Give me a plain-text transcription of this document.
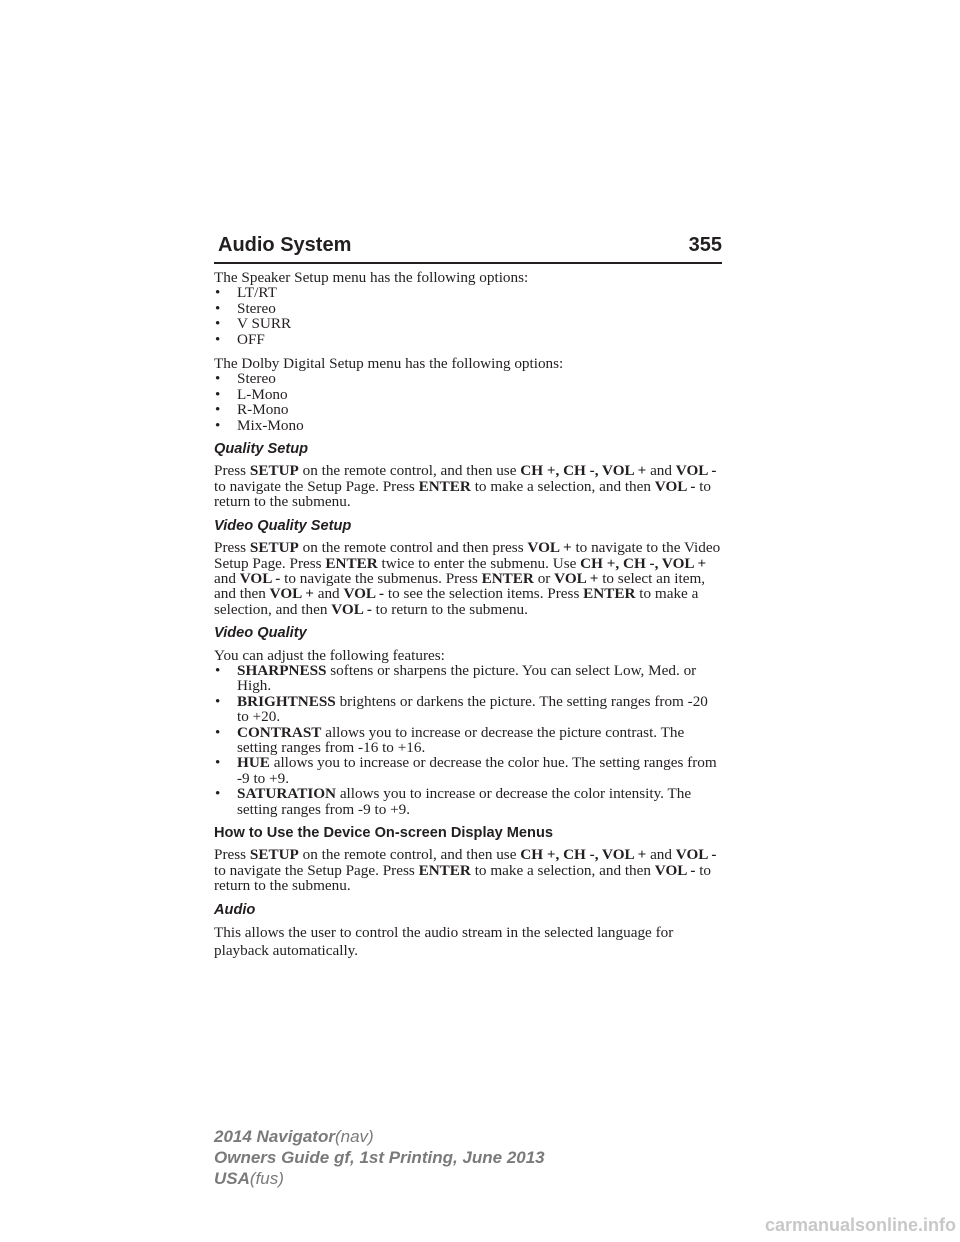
Audio System	355

The Speaker Setup menu has the following options:

• LT/RT
• Stereo
• V SURR
• OFF

The Dolby Digital Setup menu has the following options:

• Stereo
• L-Mono
• R-Mono
• Mix-Mono

Quality Setup

Press SETUP on the remote control, and then use CH +, CH -, VOL + and VOL - to navigate the Setup Page. Press ENTER to make a selection, and then VOL - to return to the submenu.

Video Quality Setup

Press SETUP on the remote control and then press VOL + to navigate to the Video Setup Page. Press ENTER twice to enter the submenu. Use CH +, CH -, VOL + and VOL - to navigate the submenus. Press ENTER or VOL + to select an item, and then VOL + and VOL - to see the selection items. Press ENTER to make a selection, and then VOL - to return to the submenu.

Video Quality

You can adjust the following features:

• SHARPNESS softens or sharpens the picture. You can select Low, Med. or High.
• BRIGHTNESS brightens or darkens the picture. The setting ranges from -20 to +20.
• CONTRAST allows you to increase or decrease the picture contrast. The setting ranges from -16 to +16.
• HUE allows you to increase or decrease the color hue. The setting ranges from -9 to +9.
• SATURATION allows you to increase or decrease the color intensity. The setting ranges from -9 to +9.

How to Use the Device On-screen Display Menus

Press SETUP on the remote control, and then use CH +, CH -, VOL + and VOL - to navigate the Setup Page. Press ENTER to make a selection, and then VOL - to return to the submenu.

Audio

This allows the user to control the audio stream in the selected language for playback automatically.

2014 Navigator(nav)
Owners Guide gf, 1st Printing, June 2013
USA(fus)
carmanualsonline.info
